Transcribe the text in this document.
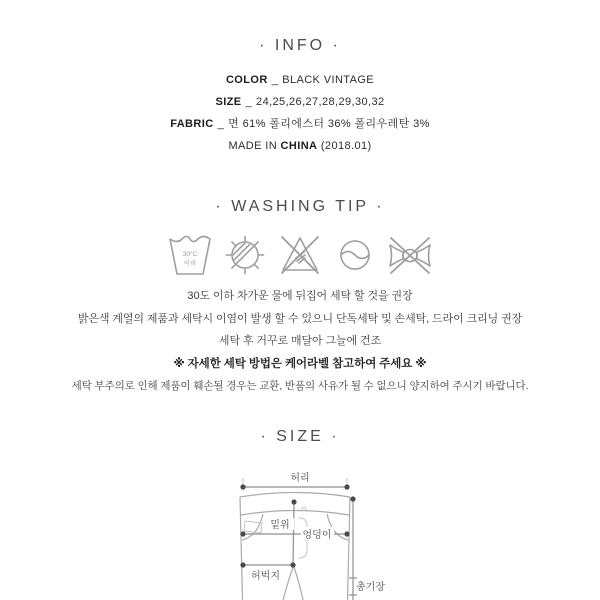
· INFO ·
COLOR _ BLACK VINTAGE
SIZE _ 24,25,26,27,28,29,30,32
FABRIC _ 면 61% 폴리에스터 36% 폴리우레탄 3%
MADE IN CHINA (2018.01)
· WASHING TIP ·
30°C
이하
30도 이하 차가운 물에 뒤집어 세탁 할 것을 권장
밝은색 계열의 제품과 세탁시 이염이 발생 할 수 있으니 단독세탁 및 손세탁, 드라이 크리닝 권장
세탁 후 거꾸로 매달아 그늘에 건조
※ 자세한 세탁 방법은 케어라벨 참고하여 주세요 ※
세탁 부주의로 인해 제품이 훼손될 경우는 교환, 반품의 사유가 될 수 없으니 양지하여 주시기 바랍니다.
· SIZE ·
허리
밑위
엉덩이
허벅지
총기장
